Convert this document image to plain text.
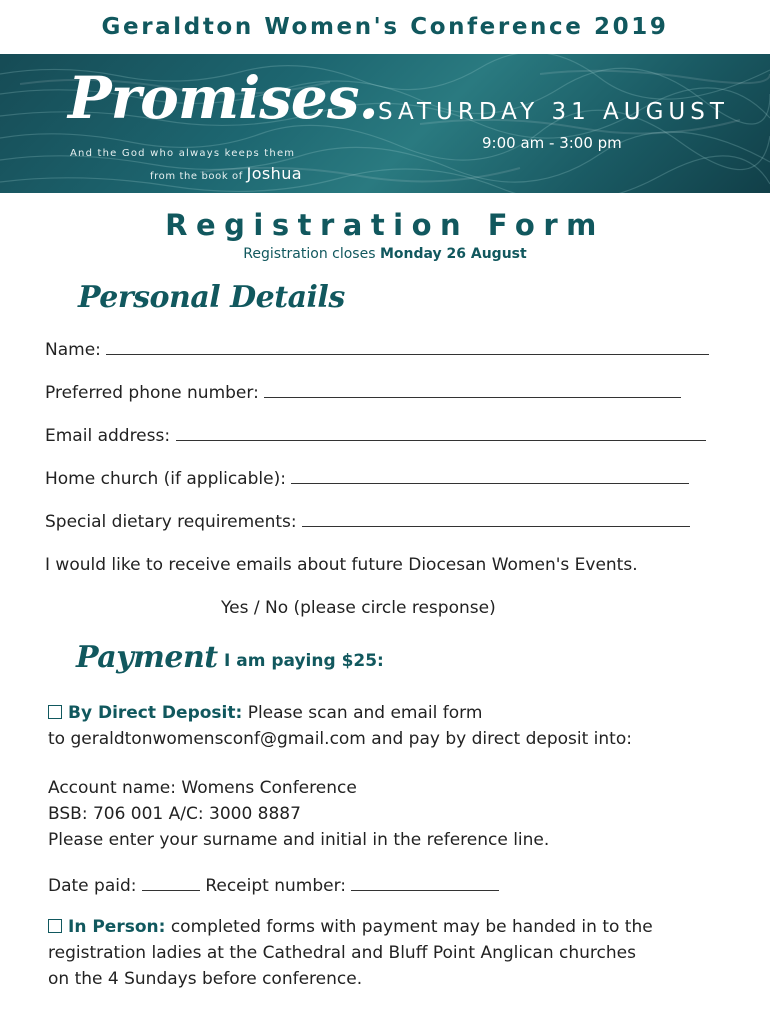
Geraldton Women's Conference 2019
Promises.
And the God who always keeps them
from the book of Joshua
SATURDAY 31 AUGUST
9:00 am - 3:00 pm
Registration Form
Registration closes Monday 26 August
Personal Details
Name:
Preferred phone number:
Email address:
Home church (if applicable):
Special dietary requirements:
I would like to receive emails about future Diocesan Women's Events.
Yes / No (please circle response)
Payment I am paying $25:
By Direct Deposit: Please scan and email form
to geraldtonwomensconf@gmail.com and pay by direct deposit into:
Account name: Womens Conference
BSB: 706 001 A/C: 3000 8887
Please enter your surname and initial in the reference line.
Date paid:	Receipt number:
In Person: completed forms with payment may be handed in to the
registration ladies at the Cathedral and Bluff Point Anglican churches
on the 4 Sundays before conference.
